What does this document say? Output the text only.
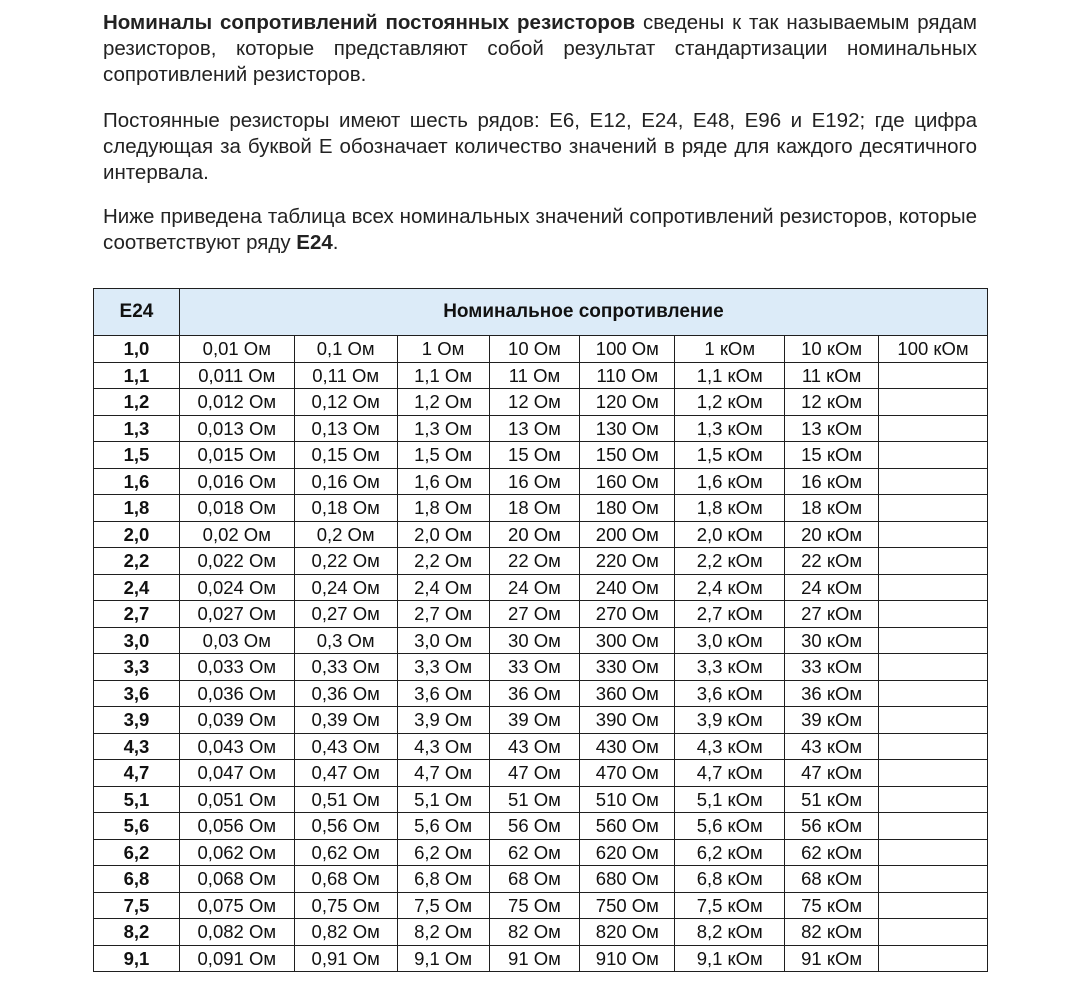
Номиналы сопротивлений постоянных резисторов сведены к так называемым рядам резисторов, которые представляют собой результат стандартизации номинальных сопротивлений резисторов.

Постоянные резисторы имеют шесть рядов: E6, E12, E24, E48, E96 и E192; где цифра следующая за буквой Е обозначает количество значений в ряде для каждого десятичного интервала.

Ниже приведена таблица всех номинальных значений сопротивлений резисторов, которые соответствуют ряду Е24.

Е24	Номинальное сопротивление							
1,0	0,01 Ом	0,1 Ом	1 Ом	10 Ом	100 Ом	1 кОм	10 кОм	100 кОм
1,1	0,011 Ом	0,11 Ом	1,1 Ом	11 Ом	110 Ом	1,1 кОм	11 кОм	
1,2	0,012 Ом	0,12 Ом	1,2 Ом	12 Ом	120 Ом	1,2 кОм	12 кОм	
1,3	0,013 Ом	0,13 Ом	1,3 Ом	13 Ом	130 Ом	1,3 кОм	13 кОм	
1,5	0,015 Ом	0,15 Ом	1,5 Ом	15 Ом	150 Ом	1,5 кОм	15 кОм	
1,6	0,016 Ом	0,16 Ом	1,6 Ом	16 Ом	160 Ом	1,6 кОм	16 кОм	
1,8	0,018 Ом	0,18 Ом	1,8 Ом	18 Ом	180 Ом	1,8 кОм	18 кОм	
2,0	0,02 Ом	0,2 Ом	2,0 Ом	20 Ом	200 Ом	2,0 кОм	20 кОм	
2,2	0,022 Ом	0,22 Ом	2,2 Ом	22 Ом	220 Ом	2,2 кОм	22 кОм	
2,4	0,024 Ом	0,24 Ом	2,4 Ом	24 Ом	240 Ом	2,4 кОм	24 кОм	
2,7	0,027 Ом	0,27 Ом	2,7 Ом	27 Ом	270 Ом	2,7 кОм	27 кОм	
3,0	0,03 Ом	0,3 Ом	3,0 Ом	30 Ом	300 Ом	3,0 кОм	30 кОм	
3,3	0,033 Ом	0,33 Ом	3,3 Ом	33 Ом	330 Ом	3,3 кОм	33 кОм	
3,6	0,036 Ом	0,36 Ом	3,6 Ом	36 Ом	360 Ом	3,6 кОм	36 кОм	
3,9	0,039 Ом	0,39 Ом	3,9 Ом	39 Ом	390 Ом	3,9 кОм	39 кОм	
4,3	0,043 Ом	0,43 Ом	4,3 Ом	43 Ом	430 Ом	4,3 кОм	43 кОм	
4,7	0,047 Ом	0,47 Ом	4,7 Ом	47 Ом	470 Ом	4,7 кОм	47 кОм	
5,1	0,051 Ом	0,51 Ом	5,1 Ом	51 Ом	510 Ом	5,1 кОм	51 кОм	
5,6	0,056 Ом	0,56 Ом	5,6 Ом	56 Ом	560 Ом	5,6 кОм	56 кОм	
6,2	0,062 Ом	0,62 Ом	6,2 Ом	62 Ом	620 Ом	6,2 кОм	62 кОм	
6,8	0,068 Ом	0,68 Ом	6,8 Ом	68 Ом	680 Ом	6,8 кОм	68 кОм	
7,5	0,075 Ом	0,75 Ом	7,5 Ом	75 Ом	750 Ом	7,5 кОм	75 кОм	
8,2	0,082 Ом	0,82 Ом	8,2 Ом	82 Ом	820 Ом	8,2 кОм	82 кОм	
9,1	0,091 Ом	0,91 Ом	9,1 Ом	91 Ом	910 Ом	9,1 кОм	91 кОм	
